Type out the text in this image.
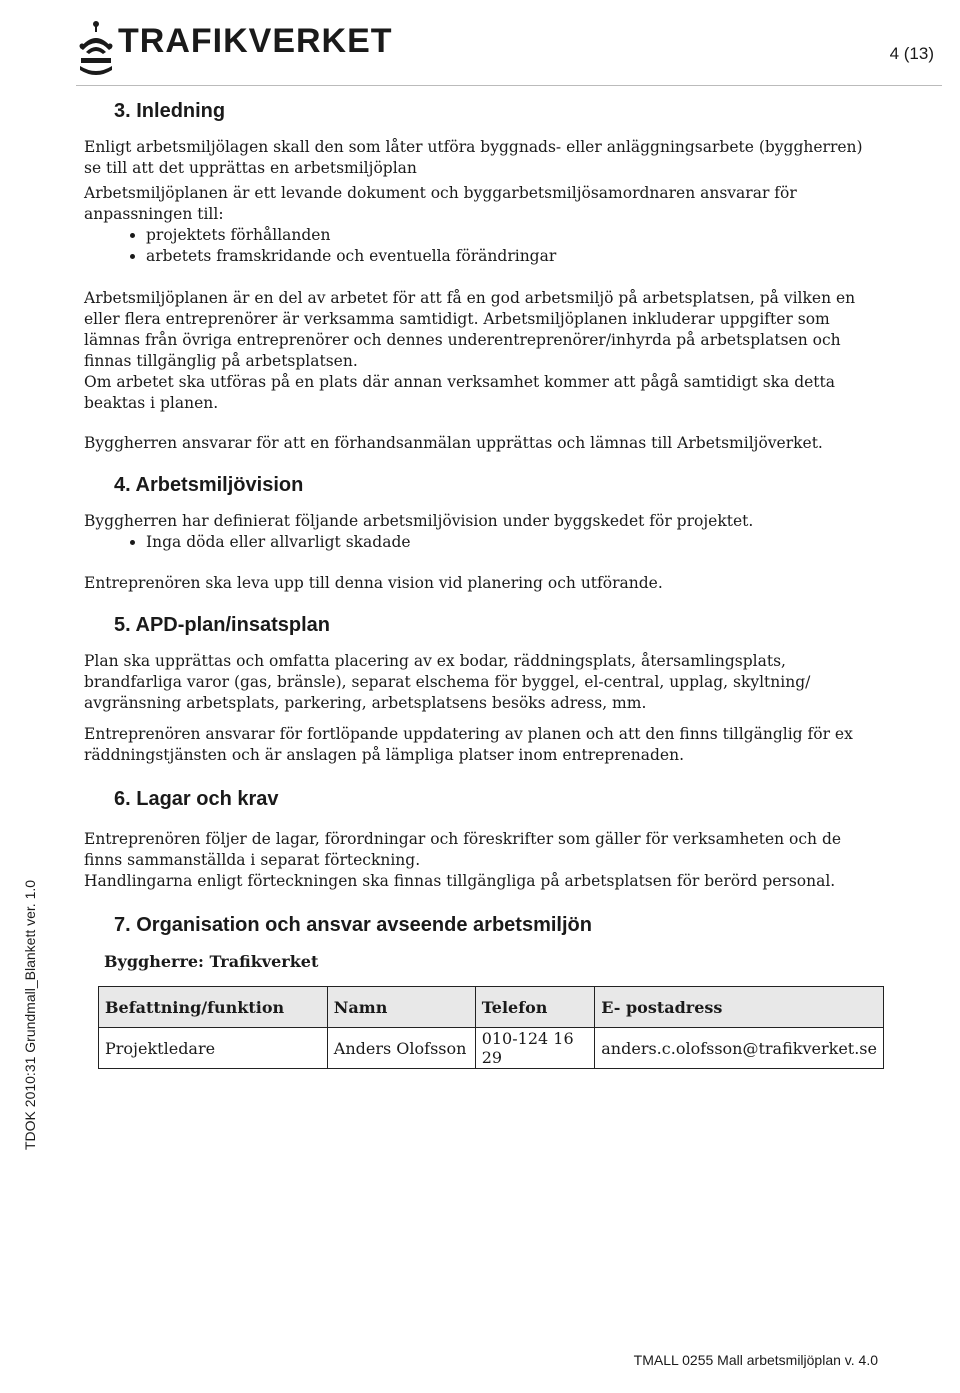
TRAFIKVERKET	4 (13)
TDOK 2010:31 Grundmall_Blankett ver. 1.0
3. Inledning

Enligt arbetsmiljölagen skall den som låter utföra byggnads- eller anläggningsarbete (byggherren) se till att det upprättas en arbetsmiljöplan

Arbetsmiljöplanen är ett levande dokument och byggarbetsmiljösamordnaren ansvarar för anpassningen till:

• projektets förhållanden
• arbetets framskridande och eventuella förändringar

Arbetsmiljöplanen är en del av arbetet för att få en god arbetsmiljö på arbetsplatsen, på vilken en eller flera entreprenörer är verksamma samtidigt. Arbetsmiljöplanen inkluderar uppgifter som lämnas från övriga entreprenörer och dennes underentreprenörer/inhyrda på arbetsplatsen och finnas tillgänglig på arbetsplatsen.

Om arbetet ska utföras på en plats där annan verksamhet kommer att pågå samtidigt ska detta beaktas i planen.

Byggherren ansvarar för att en förhandsanmälan upprättas och lämnas till Arbetsmiljöverket.

4. Arbetsmiljövision

Byggherren har definierat följande arbetsmiljövision under byggskedet för projektet.

• Inga döda eller allvarligt skadade

Entreprenören ska leva upp till denna vision vid planering och utförande.

5. APD-plan/insatsplan

Plan ska upprättas och omfatta placering av ex bodar, räddningsplats, återsamlingsplats, brandfarliga varor (gas, bränsle), separat elschema för byggel, el-central, upplag, skyltning/ avgränsning arbetsplats, parkering, arbetsplatsens besöks adress, mm.

Entreprenören ansvarar för fortlöpande uppdatering av planen och att den finns tillgänglig för ex räddningstjänsten och är anslagen på lämpliga platser inom entreprenaden.

6. Lagar och krav

Entreprenören följer de lagar, förordningar och föreskrifter som gäller för verksamheten och de finns sammanställda i separat förteckning.

Handlingarna enligt förteckningen ska finnas tillgängliga på arbetsplatsen för berörd personal.

7. Organisation och ansvar avseende arbetsmiljön

Byggherre: Trafikverket

Befattning/funktion	Namn	Telefon	E- postadress
Projektledare	Anders Olofsson	010-124 16 29	anders.c.olofsson@trafikverket.se
TMALL 0255 Mall arbetsmiljöplan v. 4.0
